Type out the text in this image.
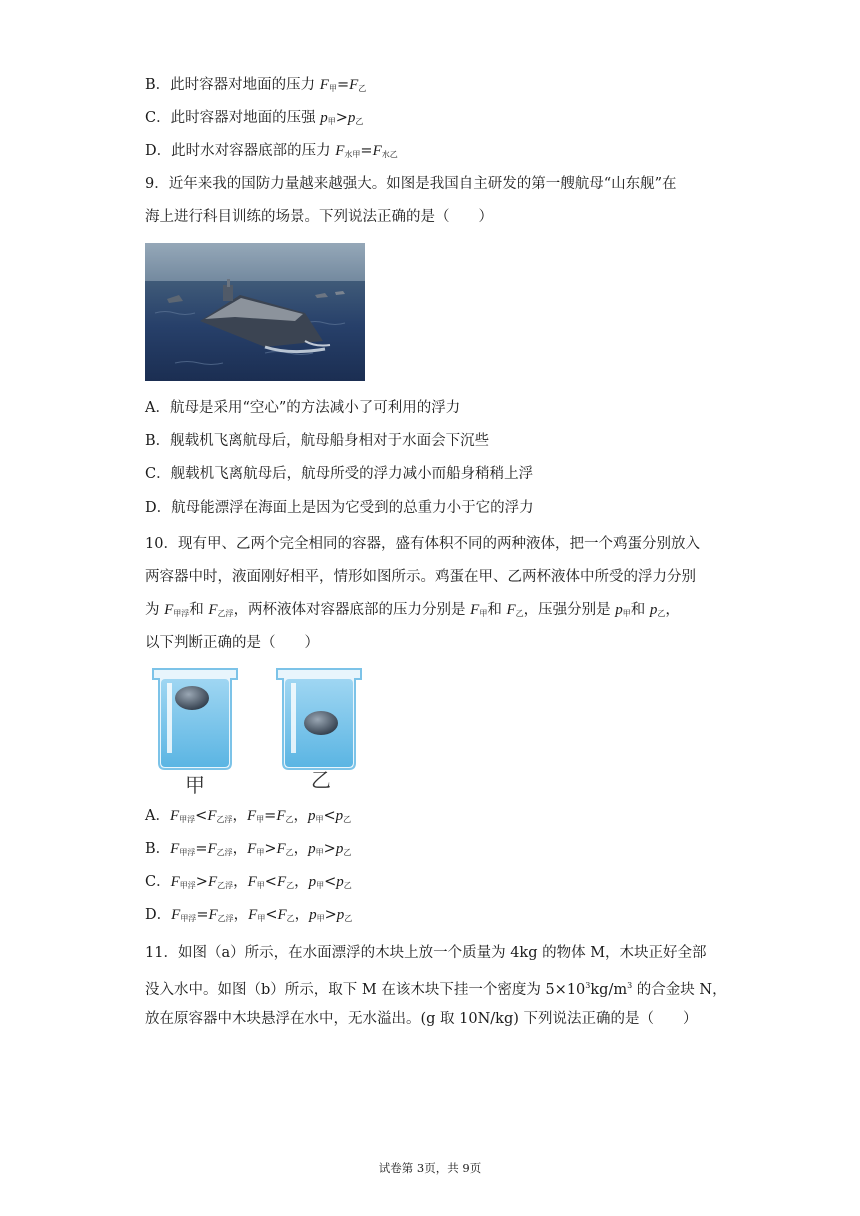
B．此时容器对地面的压力 $F_甲=F_乙$
C．此时容器对地面的压强 $p_甲>p_乙$
D．此时水对容器底部的压力 $F_{水甲}=F_{水乙}$
9．近年来我的国防力量越来越强大。如图是我国自主研发的第一艘航母“山东舰”在
海上进行科目训练的场景。下列说法正确的是（　　）
A．航母是采用“空心”的方法减小了可利用的浮力
B．舰载机飞离航母后，航母船身相对于水面会下沉些
C．舰载机飞离航母后，航母所受的浮力减小而船身稍稍上浮
D．航母能漂浮在海面上是因为它受到的总重力小于它的浮力
10．现有甲、乙两个完全相同的容器，盛有体积不同的两种液体，把一个鸡蛋分别放入
两容器中时，液面刚好相平，情形如图所示。鸡蛋在甲、乙两杯液体中所受的浮力分别
为 $F_{甲浮}$和 $F_{乙浮}$，两杯液体对容器底部的压力分别是 $F_甲$和 $F_乙$，压强分别是 $p_甲$和 $p_乙$，
以下判断正确的是（　　）
甲	乙
A．$F_{甲浮}<F_{乙浮}$，$F_甲=F_乙$，$p_甲<p_乙$
B．$F_{甲浮}=F_{乙浮}$，$F_甲>F_乙$，$p_甲>p_乙$
C．$F_{甲浮}>F_{乙浮}$，$F_甲<F_乙$，$p_甲<p_乙$
D．$F_{甲浮}=F_{乙浮}$，$F_甲<F_乙$，$p_甲>p_乙$
11．如图（a）所示，在水面漂浮的木块上放一个质量为 4kg 的物体 M，木块正好全部
没入水中。如图（b）所示，取下 M 在该木块下挂一个密度为 $5\times 10^3kg/m^3$ 的合金块 N，
放在原容器中木块悬浮在水中，无水溢出。(g 取 10N/kg) 下列说法正确的是（　　）
试卷第 3页，共 9页
